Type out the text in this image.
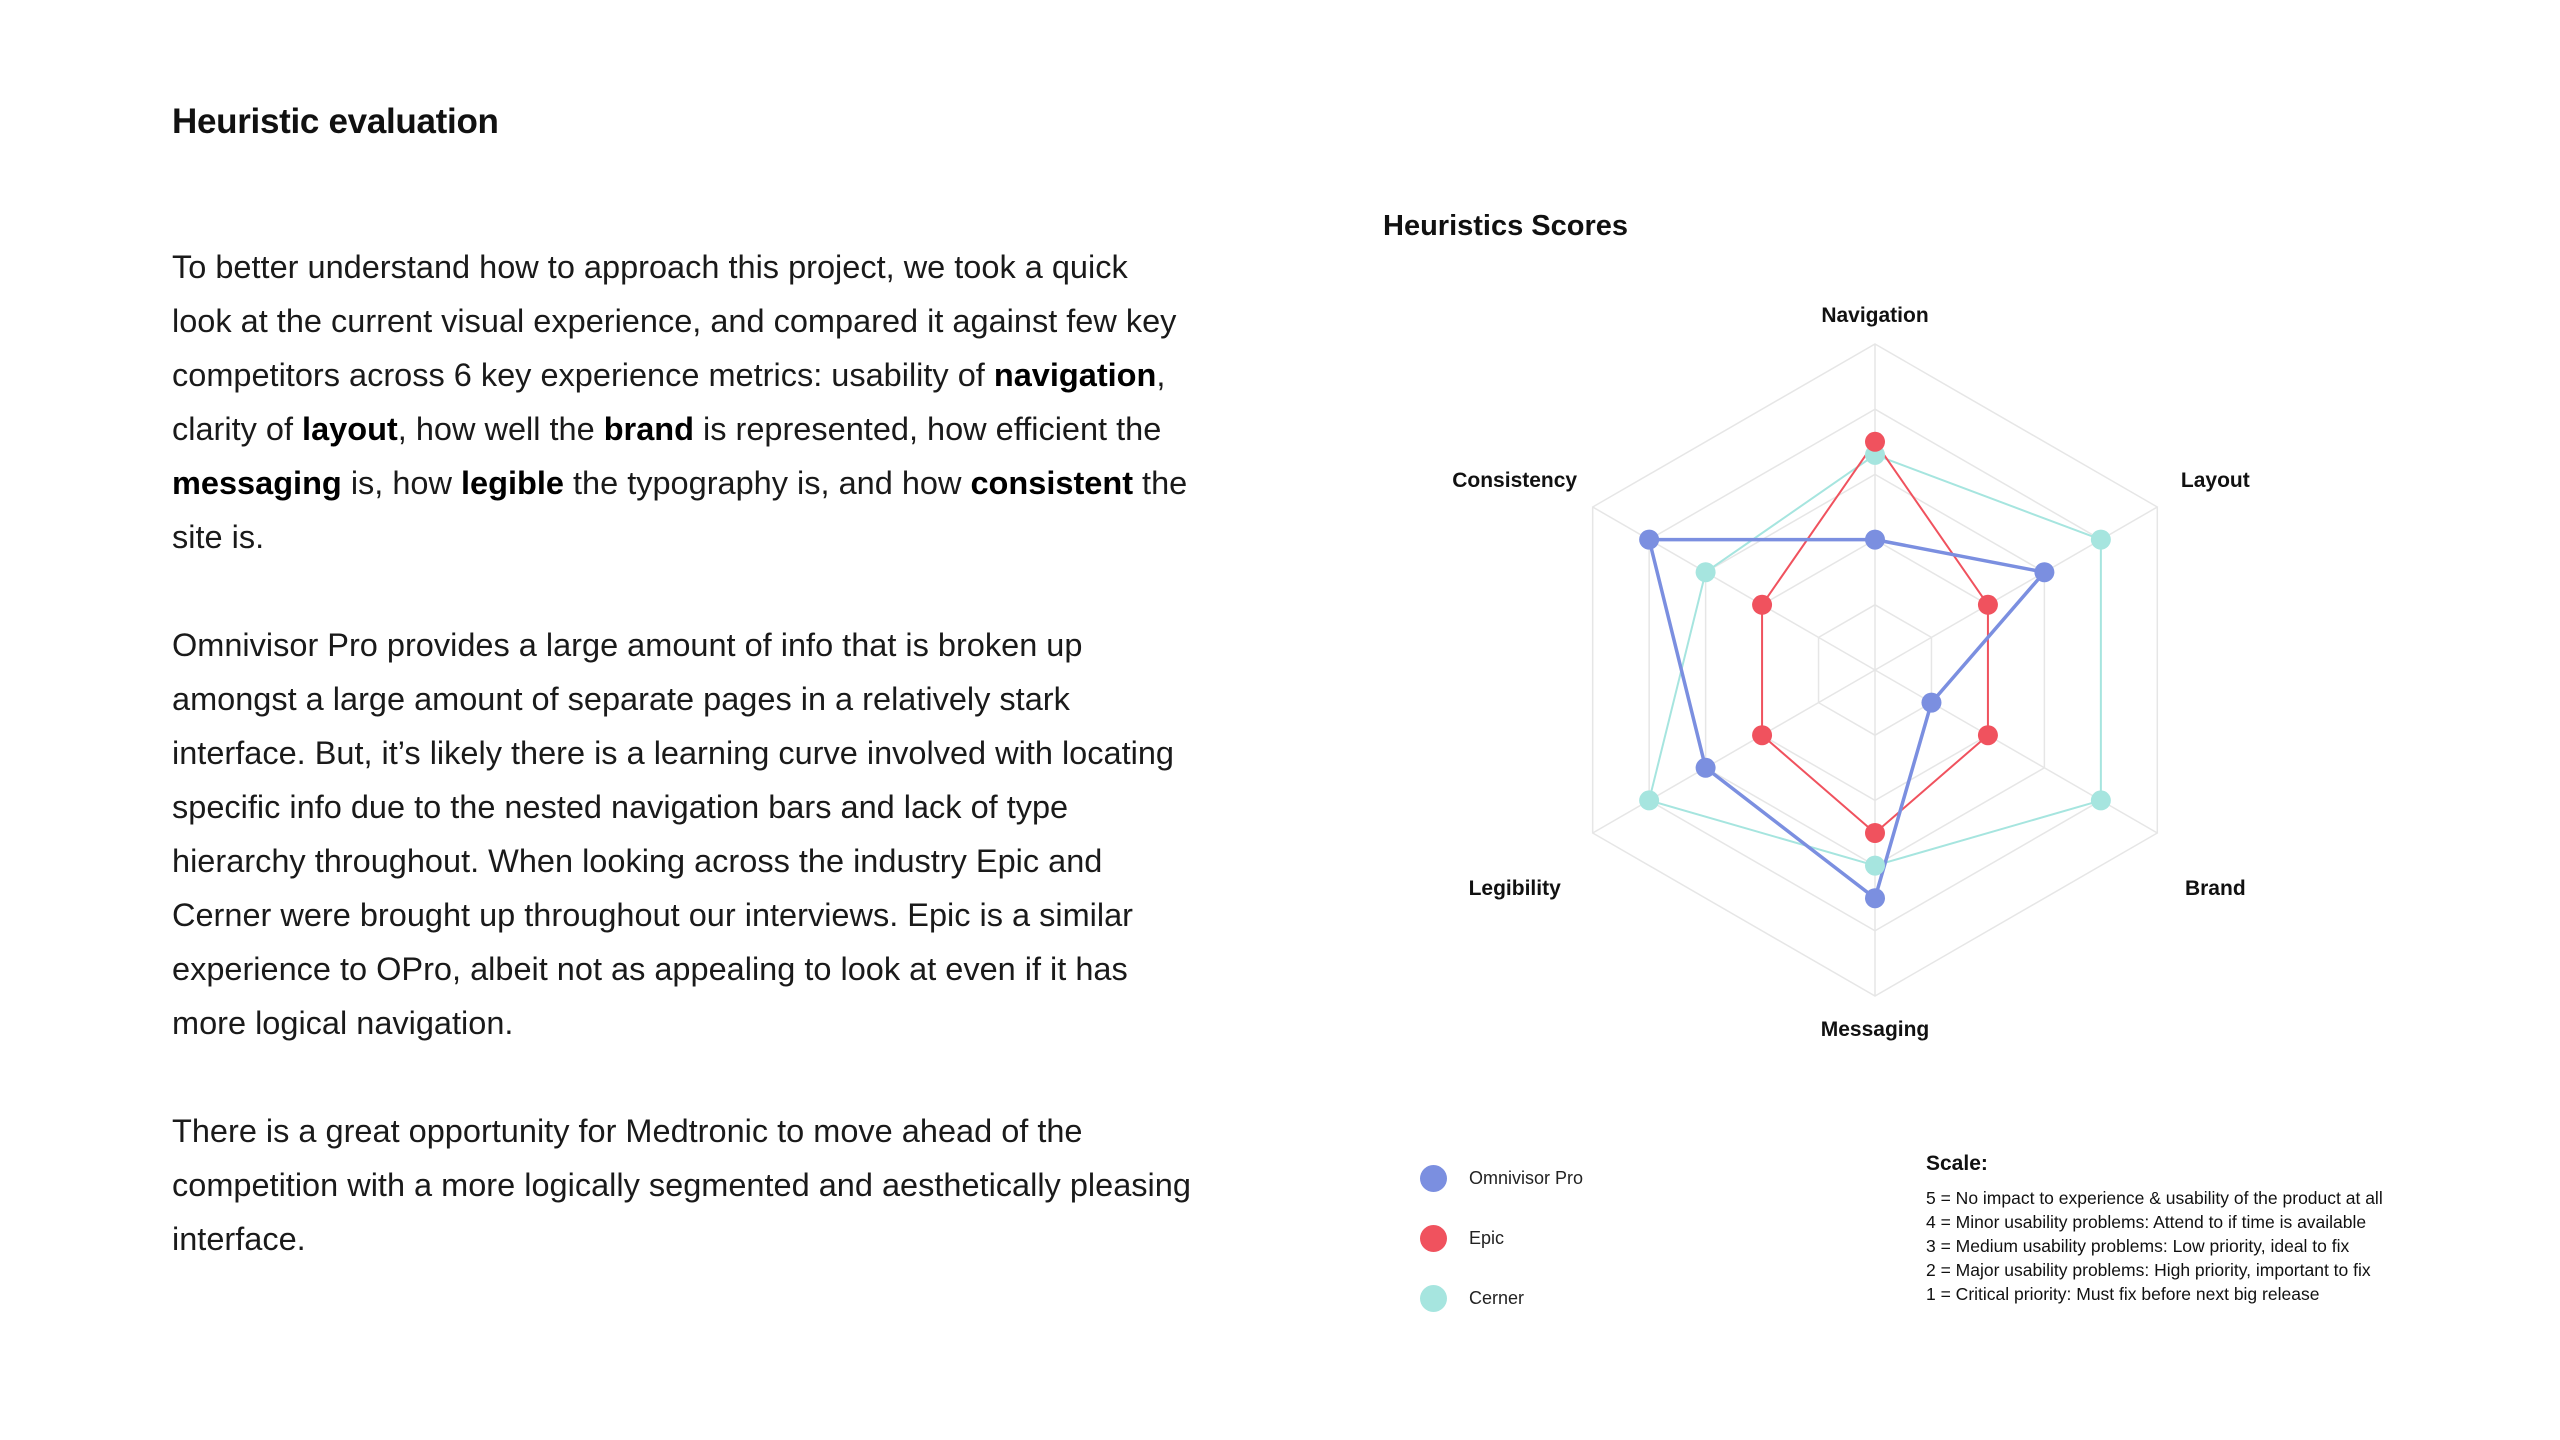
Heuristic evaluation

To better understand how to approach this project, we took a quick look at the current visual experience, and compared it against few key competitors across 6 key experience metrics: usability of navigation, clarity of layout, how well the brand is represented, how efficient the messaging is, how legible the typography is, and how consistent the site is.

Omnivisor Pro provides a large amount of info that is broken up amongst a large amount of separate pages in a relatively stark interface. But, it’s likely there is a learning curve involved with locating specific info due to the nested navigation bars and lack of type hierarchy throughout. When looking across the industry Epic and Cerner were brought up throughout our interviews. Epic is a similar experience to OPro, albeit not as appealing to look at even if it has more logical navigation.

There is a great opportunity for Medtronic to move ahead of the competition with a more logically segmented and aesthetically pleasing interface.

Heuristics Scores
Navigation
Layout
Brand
Messaging
Legibility
Consistency
Omnivisor Pro
Epic
Cerner
Scale:
5 = No impact to experience & usability of the product at all
4 = Minor usability problems: Attend to if time is available
3 = Medium usability problems: Low priority, ideal to fix
2 = Major usability problems: High priority, important to fix
1 = Critical priority: Must fix before next big release
